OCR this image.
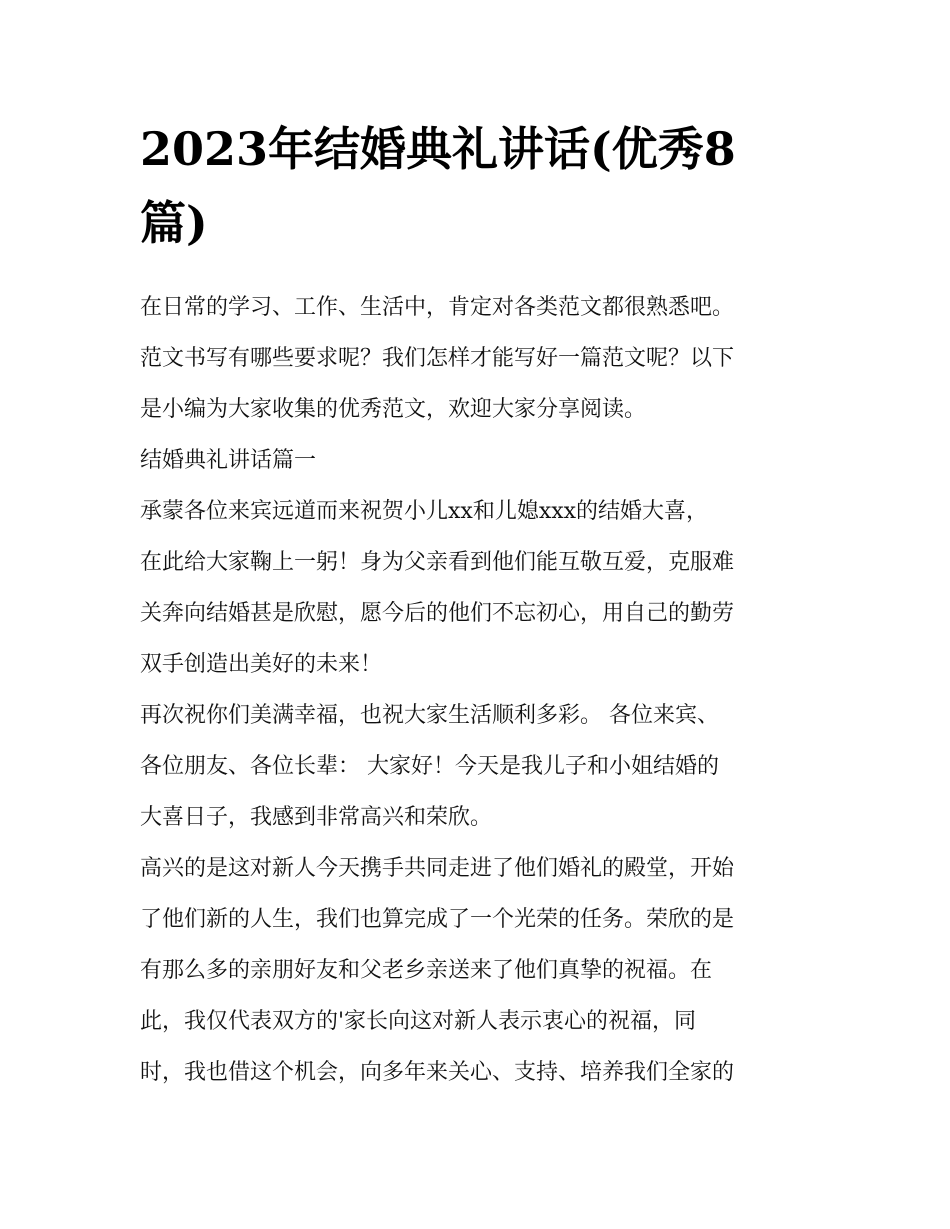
2023年结婚典礼讲话(优秀8
篇)

在日常的学习、工作、生活中，肯定对各类范文都很熟悉吧。

范文书写有哪些要求呢？我们怎样才能写好一篇范文呢？以下

是小编为大家收集的优秀范文，欢迎大家分享阅读。

结婚典礼讲话篇一

承蒙各位来宾远道而来祝贺小儿xx和儿媳xxx的结婚大喜，

在此给大家鞠上一躬！身为父亲看到他们能互敬互爱，克服难

关奔向结婚甚是欣慰，愿今后的他们不忘初心，用自己的勤劳

双手创造出美好的未来！

再次祝你们美满幸福，也祝大家生活顺利多彩。 各位来宾、

各位朋友、各位长辈： 大家好！今天是我儿子和小姐结婚的

大喜日子，我感到非常高兴和荣欣。

高兴的是这对新人今天携手共同走进了他们婚礼的殿堂，开始

了他们新的人生，我们也算完成了一个光荣的任务。荣欣的是

有那么多的亲朋好友和父老乡亲送来了他们真挚的祝福。在

此，我仅代表双方的'家长向这对新人表示衷心的祝福，同

时，我也借这个机会，向多年来关心、支持、培养我们全家的
